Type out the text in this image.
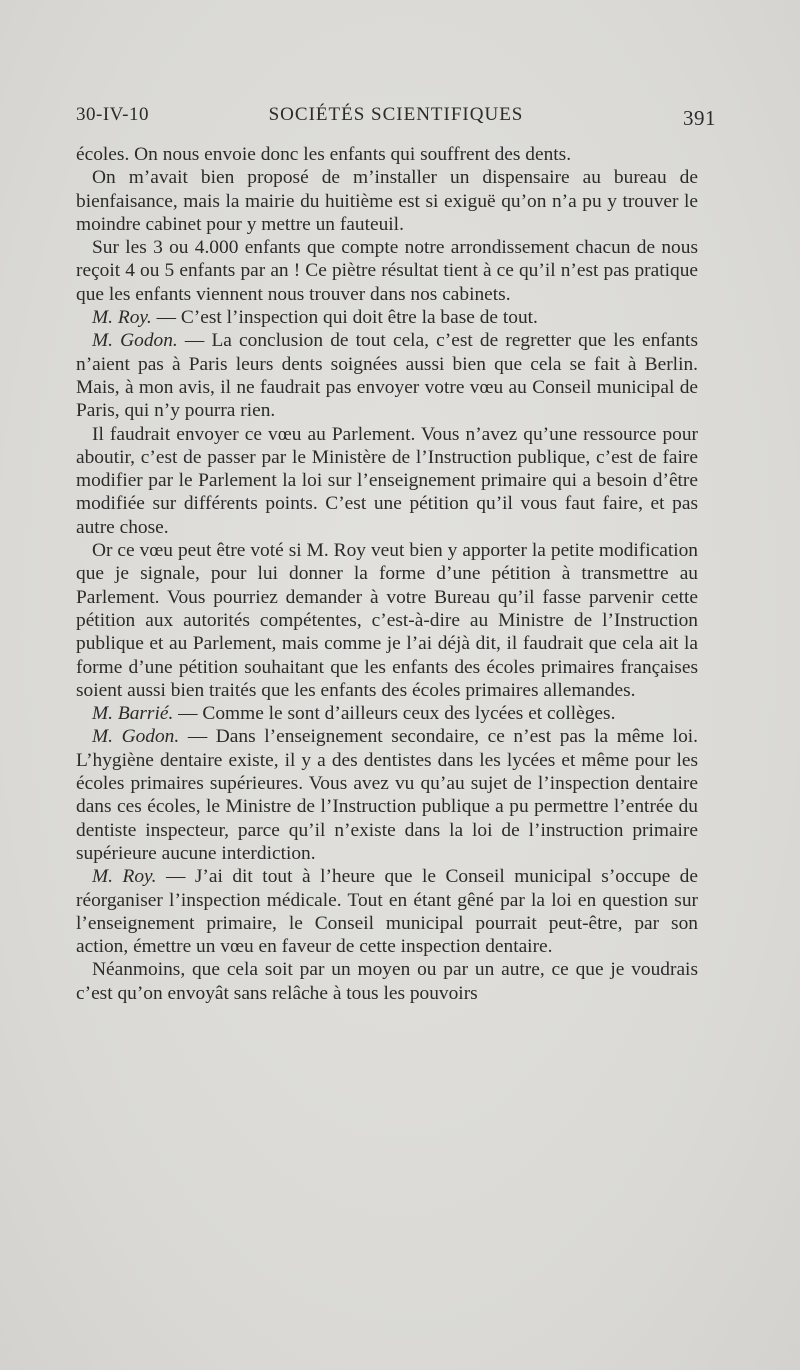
30-IV-10	SOCIÉTÉS SCIENTIFIQUES	391

écoles. On nous envoie donc les enfants qui souffrent des dents.

On m’avait bien proposé de m’installer un dispensaire au bureau de bienfaisance, mais la mairie du huitième est si exiguë qu’on n’a pu y trouver le moindre cabinet pour y mettre un fauteuil.

Sur les 3 ou 4.000 enfants que compte notre arrondissement chacun de nous reçoit 4 ou 5 enfants par an ! Ce piètre résultat tient à ce qu’il n’est pas pratique que les enfants viennent nous trouver dans nos cabinets.

M. Roy. — C’est l’inspection qui doit être la base de tout.

M. Godon. — La conclusion de tout cela, c’est de regretter que les enfants n’aient pas à Paris leurs dents soignées aussi bien que cela se fait à Berlin. Mais, à mon avis, il ne faudrait pas envoyer votre vœu au Conseil municipal de Paris, qui n’y pourra rien.

Il faudrait envoyer ce vœu au Parlement. Vous n’avez qu’une ressource pour aboutir, c’est de passer par le Ministère de l’Instruction publique, c’est de faire modifier par le Parlement la loi sur l’enseignement primaire qui a besoin d’être modifiée sur différents points. C’est une pétition qu’il vous faut faire, et pas autre chose.

Or ce vœu peut être voté si M. Roy veut bien y apporter la petite modification que je signale, pour lui donner la forme d’une pétition à transmettre au Parlement. Vous pourriez demander à votre Bureau qu’il fasse parvenir cette pétition aux autorités compétentes, c’est-à-dire au Ministre de l’Instruction publique et au Parlement, mais comme je l’ai déjà dit, il faudrait que cela ait la forme d’une pétition souhaitant que les enfants des écoles primaires françaises soient aussi bien traités que les enfants des écoles primaires allemandes.

M. Barrié. — Comme le sont d’ailleurs ceux des lycées et collèges.

M. Godon. — Dans l’enseignement secondaire, ce n’est pas la même loi. L’hygiène dentaire existe, il y a des dentistes dans les lycées et même pour les écoles primaires supérieures. Vous avez vu qu’au sujet de l’inspection dentaire dans ces écoles, le Ministre de l’Instruction publique a pu permettre l’entrée du dentiste inspecteur, parce qu’il n’existe dans la loi de l’instruction primaire supérieure aucune interdiction.

M. Roy. — J’ai dit tout à l’heure que le Conseil municipal s’occupe de réorganiser l’inspection médicale. Tout en étant gêné par la loi en question sur l’enseignement primaire, le Conseil municipal pourrait peut-être, par son action, émettre un vœu en faveur de cette inspection dentaire.

Néanmoins, que cela soit par un moyen ou par un autre, ce que je voudrais c’est qu’on envoyât sans relâche à tous les pouvoirs
